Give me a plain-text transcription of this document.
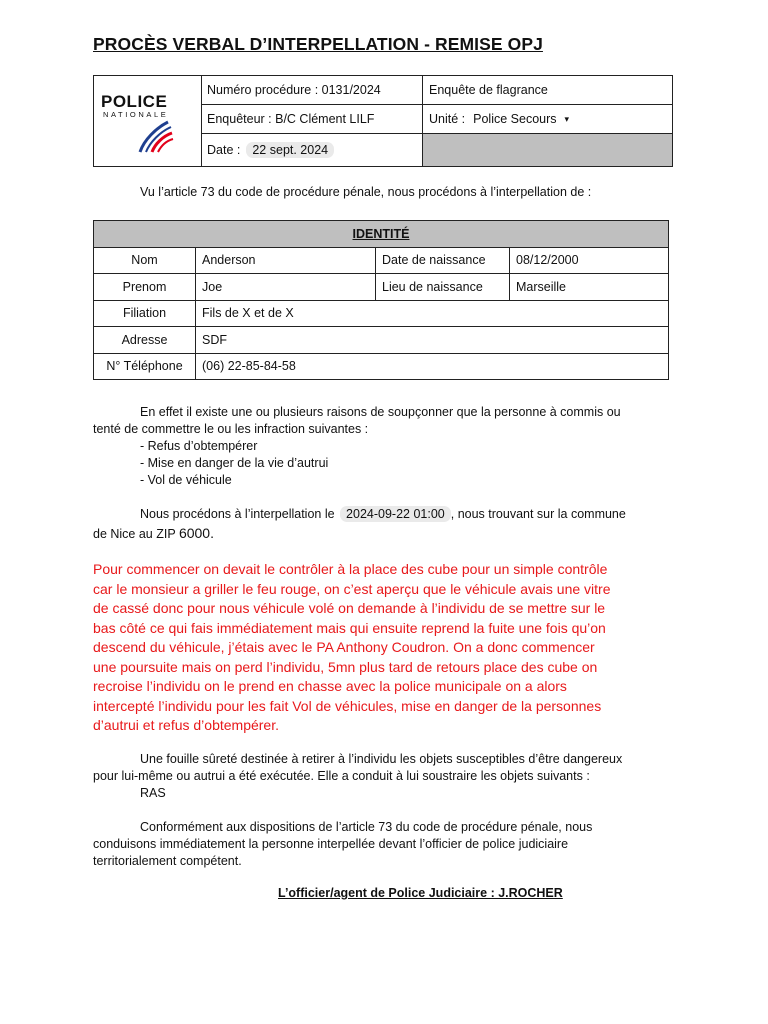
PROCÈS VERBAL D’INTERPELLATION - REMISE OPJ
POLICE
NATIONALE
Numéro procédure : 0131/2024	Enquête de flagrance
Enquêteur : B/C Clément LILF	Unité : Police Secours ▾
Date : 22 sept. 2024
Vu l’article 73 du code de procédure pénale, nous procédons à l’interpellation de :
IDENTITÉ			
Nom	Anderson	Date de naissance	08/12/2000
Prenom	Joe	Lieu de naissance	Marseille
Filiation	Fils de X et de X		
Adresse	SDF		
N° Téléphone	(06) 22-85-84-58		
En effet il existe une ou plusieurs raisons de soupçonner que la personne à commis ou
tenté de commettre le ou les infraction suivantes :
- Refus d’obtempérer
- Mise en danger de la vie d’autrui
- Vol de véhicule
Nous procédons à l’interpellation le 2024-09-22 01:00 , nous trouvant sur la commune
de Nice au ZIP 6000.
Pour commencer on devait le contrôler à la place des cube pour un simple contrôle
car le monsieur a griller le feu rouge, on c’est aperçu que le véhicule avais une vitre
de cassé donc pour nous véhicule volé on demande à l’individu de se mettre sur le
bas côté ce qui fais immédiatement mais qui ensuite reprend la fuite une fois qu’on
descend du véhicule, j’étais avec le PA Anthony Coudron. On a donc commencer
une poursuite mais on perd l’individu, 5mn plus tard de retours place des cube on
recroise l’individu on le prend en chasse avec la police municipale on a alors
intercepté l’individu pour les fait Vol de véhicules, mise en danger de la personnes
d’autrui et refus d’obtempérer.
Une fouille sûreté destinée à retirer à l’individu les objets susceptibles d’être dangereux
pour lui-même ou autrui a été exécutée. Elle a conduit à lui soustraire les objets suivants :
RAS
Conformément aux dispositions de l’article 73 du code de procédure pénale, nous
conduisons immédiatement la personne interpellée devant l’officier de police judiciaire
territorialement compétent.
L’officier/agent de Police Judiciaire : J.ROCHER
